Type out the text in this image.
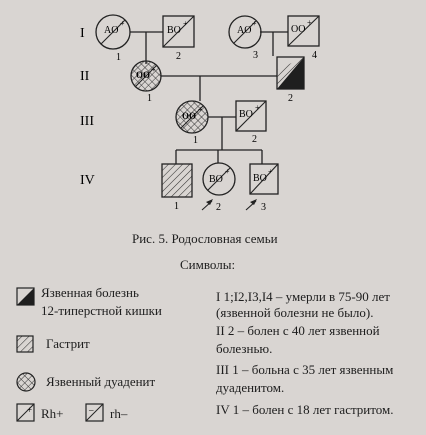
I
II
III
IV
AO
+
1
BO
+
2
AO
+
3
OO
+
4
OO
+
1	2
OO
+
1
BO
+
2
1
BO
+
2
BO
+
3
Рис. 5. Родословная семьи
Символы:
+	–
Язвенная болезнь
12-типерстной кишки
Гастрит
Язвенный дуаденит
Rh+	rh–
I 1;I2,I3,I4 – умерли в 75-90 лет
(язвенной болезни не было).
II 2 – болен с 40 лет язвенной
болезнью.
III 1 – больна с 35 лет язвенным
дуаденитом.
IV 1 – болен с 18 лет гастритом.
